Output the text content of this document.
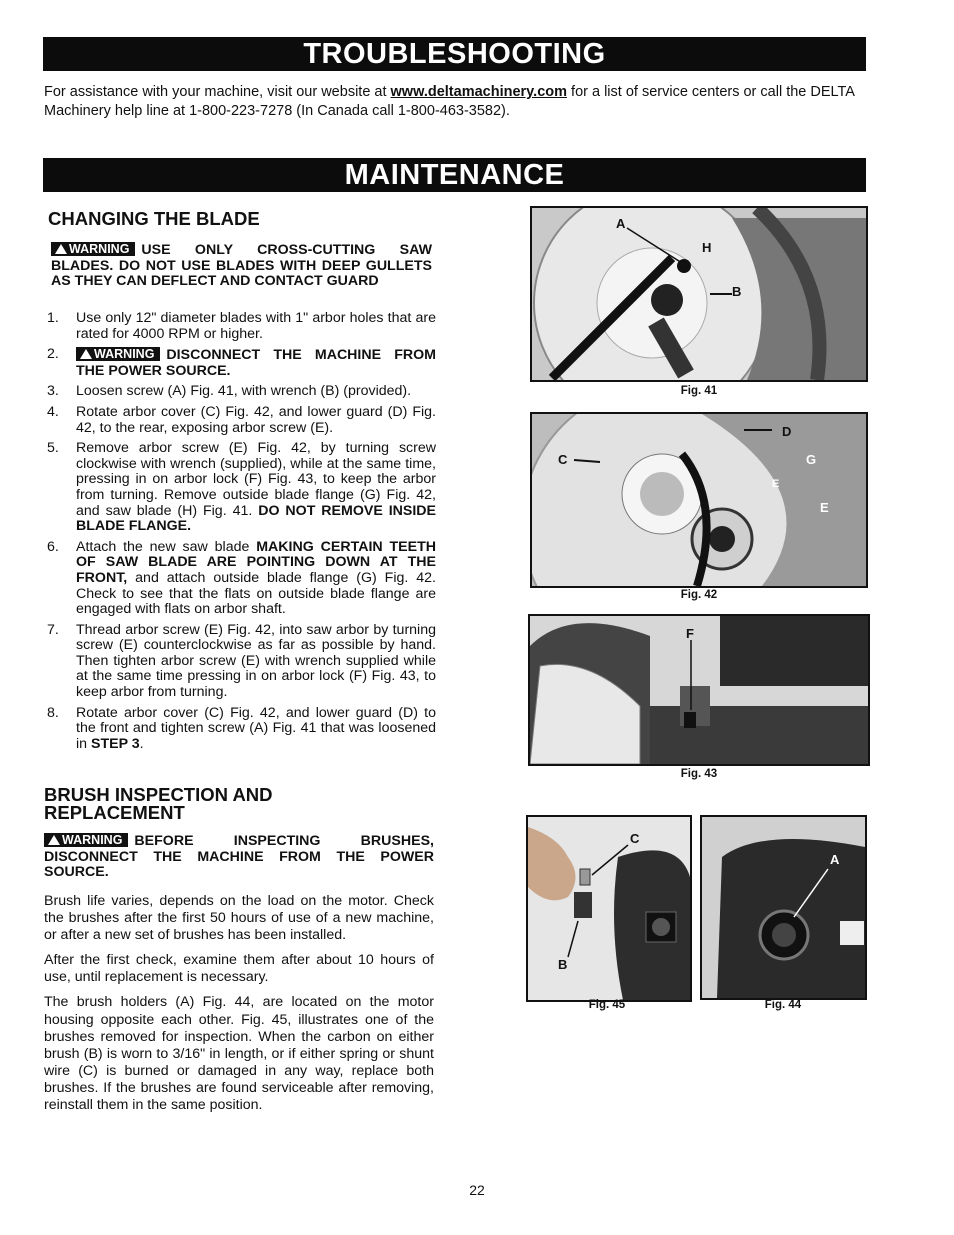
TROUBLESHOOTING
For assistance with your machine, visit our website at www.deltamachinery.com for a list of service centers or call the DELTA Machinery help line at 1-800-223-7278 (In Canada call 1-800-463-3582).
MAINTENANCE
CHANGING THE BLADE
WARNING USE ONLY CROSS-CUTTING SAW BLADES. DO NOT USE BLADES WITH DEEP GULLETS AS THEY CAN DEFLECT AND CONTACT GUARD
1. Use only 12" diameter blades with 1" arbor holes that are rated for 4000 RPM or higher.
2.	WARNING DISCONNECT THE MACHINE FROM THE POWER SOURCE.
3. Loosen screw (A) Fig. 41, with wrench (B) (provided).
4. Rotate arbor cover (C) Fig. 42, and lower guard (D) Fig. 42, to the rear, exposing arbor screw (E).
5. Remove arbor screw (E) Fig. 42, by turning screw clockwise with wrench (supplied), while at the same time, pressing in on arbor lock (F) Fig. 43, to keep the arbor from turning. Remove outside blade flange (G) Fig. 42, and saw blade (H) Fig. 41. DO NOT REMOVE INSIDE BLADE FLANGE.
6. Attach the new saw blade MAKING CERTAIN TEETH OF SAW BLADE ARE POINTING DOWN AT THE FRONT, and attach outside blade flange (G) Fig. 42. Check to see that the flats on outside blade flange are engaged with flats on arbor shaft.
7. Thread arbor screw (E) Fig. 42, into saw arbor by turning screw (E) counterclockwise as far as possible by hand. Then tighten arbor screw (E) with wrench supplied while at the same time pressing in on arbor lock (F) Fig. 43, to keep arbor from turning.
8. Rotate arbor cover (C) Fig. 42, and lower guard (D) to the front and tighten screw (A) Fig. 41 that was loosened in STEP 3.
BRUSH INSPECTION AND REPLACEMENT
WARNING BEFORE INSPECTING BRUSHES, DISCONNECT THE MACHINE FROM THE POWER SOURCE.

Brush life varies, depends on the load on the motor. Check the brushes after the first 50 hours of use of a new machine, or after a new set of brushes has been installed.

After the first check, examine them after about 10 hours of use, until replacement is necessary.

The brush holders (A) Fig. 44, are located on the motor housing opposite each other. Fig. 45, illustrates one of the brushes removed for inspection. When the carbon on either brush (B) is worn to 3/16" in length, or if either spring or shunt wire (C) is burned or damaged in any way, replace both brushes. If the brushes are found serviceable after removing, reinstall them in the same position.

A
H
B
Fig. 41
C
D
G
E
E
Fig. 42
F
Fig. 43
C
B
Fig. 45
A
Fig. 44
22
